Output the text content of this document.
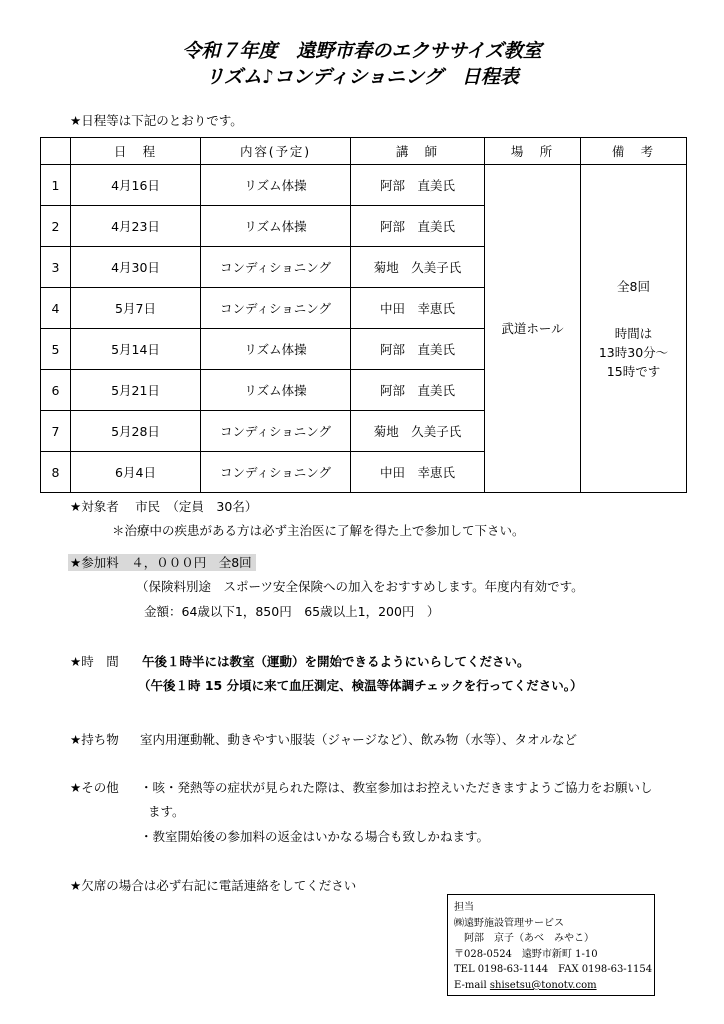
令和７年度　遠野市春のエクササイズ教室
リズム♪コンディショニング　日程表

★日程等は下記のとおりです。

	日　程	内容(予定)	講　師	場　所	備　考
1	4月16日	リズム体操	阿部　直美氏	武道ホール	全8回
時間は
13時30分～
15時です

2	4月23日	リズム体操	阿部　直美氏		
3	4月30日	コンディショニング	菊地　久美子氏		
4	5月7日	コンディショニング	中田　幸恵氏		
5	5月14日	リズム体操	阿部　直美氏		
6	5月21日	リズム体操	阿部　直美氏		
7	5月28日	コンディショニング	菊地　久美子氏		
8	6月4日	コンディショニング	中田　幸恵氏		

★対象者　 市民　（定員　30名）

＊治療中の疾患がある方は必ず主治医に了解を得た上で参加して下さい。

★参加料　４，０００円　全8回

（保険料別途　スポーツ安全保険への加入をおすすめします。年度内有効です。

金額：64歳以下1，850円　65歳以上1，200円　）

★時　間 午後１時半には教室（運動）を開始できるようにいらしてください。

（午後１時 15 分頃に来て血圧測定、検温等体調チェックを行ってください。）

★持ち物 室内用運動靴、動きやすい服装（ジャージなど）、飲み物（水等）、タオルなど

★その他 ・咳・発熱等の症状が見られた際は、教室参加はお控えいただきますようご協力をお願いし

ます。

・教室開始後の参加料の返金はいかなる場合も致しかねます。

★欠席の場合は必ず右記に電話連絡をしてください

担当
㈱遠野施設管理サービス
　阿部　京子（あべ　みやこ）
〒028-0524　遠野市新町 1-10
TEL 0198-63-1144　FAX 0198-63-1154
E-mail shisetsu@tonotv.com
